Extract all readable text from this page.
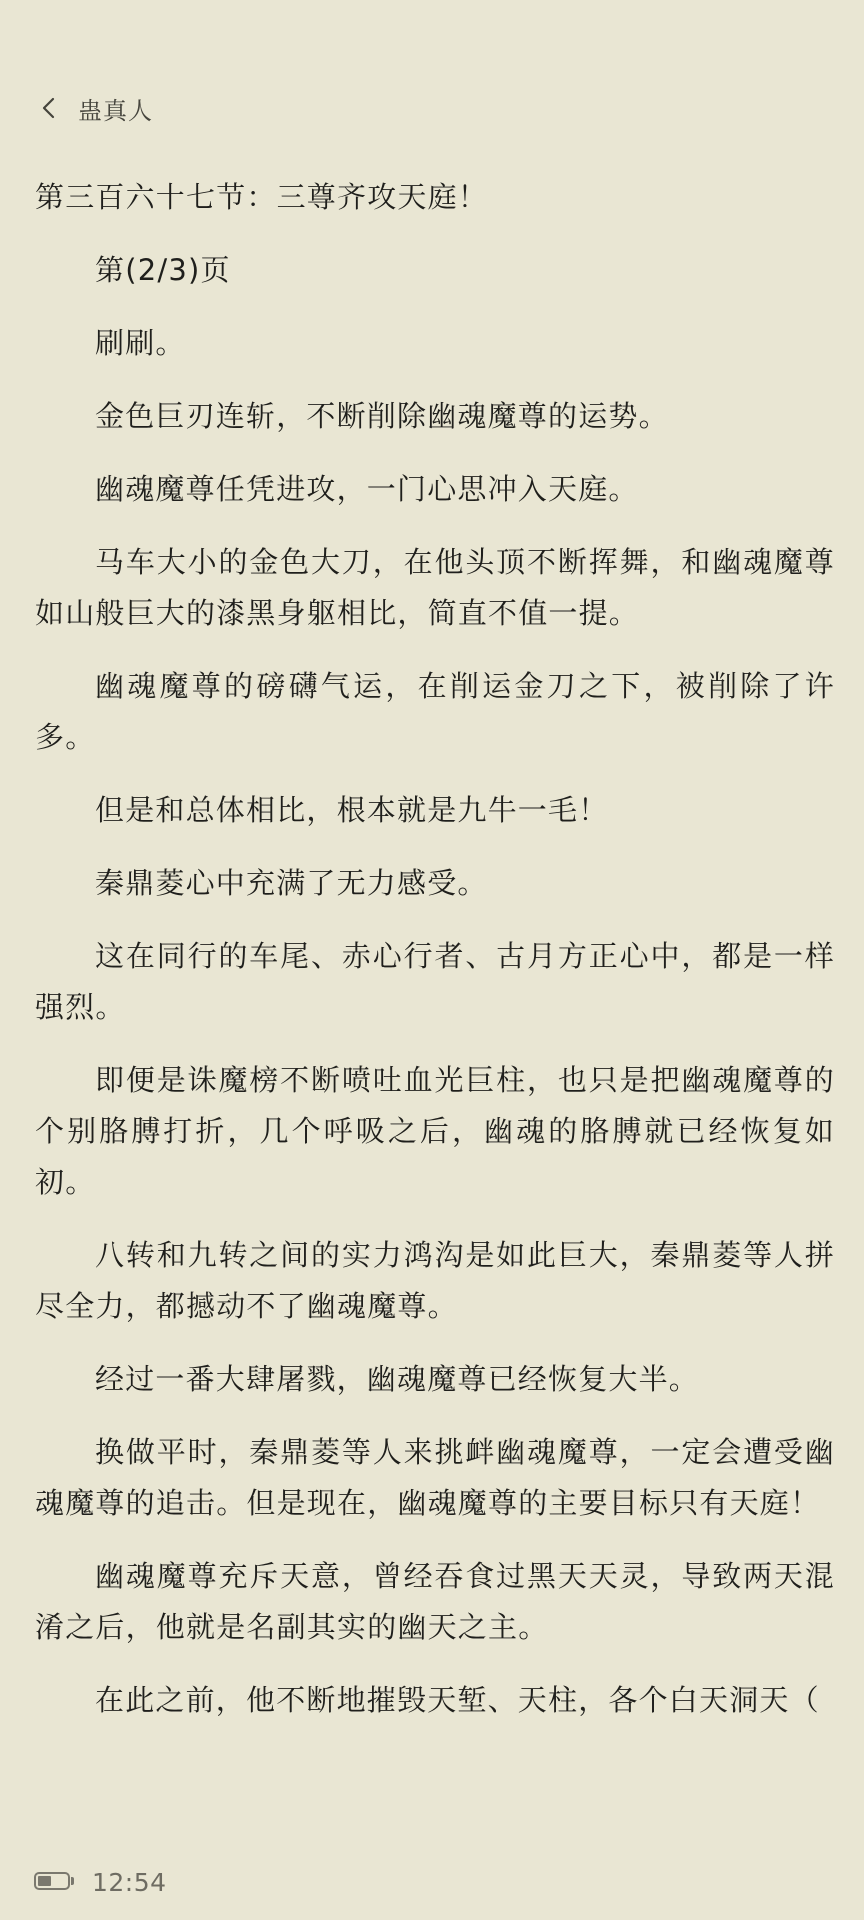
蛊真人
第三百六十七节：三尊齐攻天庭！

第(2/3)页

刷刷。

金色巨刃连斩，不断削除幽魂魔尊的运势。

幽魂魔尊任凭进攻，一门心思冲入天庭。

马车大小的金色大刀，在他头顶不断挥舞，和幽魂魔尊如山般巨大的漆黑身躯相比，简直不值一提。

幽魂魔尊的磅礴气运，在削运金刀之下，被削除了许多。

但是和总体相比，根本就是九牛一毛！

秦鼎菱心中充满了无力感受。

这在同行的车尾、赤心行者、古月方正心中，都是一样强烈。

即便是诛魔榜不断喷吐血光巨柱，也只是把幽魂魔尊的个别胳膊打折，几个呼吸之后，幽魂的胳膊就已经恢复如初。

八转和九转之间的实力鸿沟是如此巨大，秦鼎菱等人拼尽全力，都撼动不了幽魂魔尊。

经过一番大肆屠戮，幽魂魔尊已经恢复大半。

换做平时，秦鼎菱等人来挑衅幽魂魔尊，一定会遭受幽魂魔尊的追击。但是现在，幽魂魔尊的主要目标只有天庭！

幽魂魔尊充斥天意，曾经吞食过黑天天灵，导致两天混淆之后，他就是名副其实的幽天之主。

在此之前，他不断地摧毁天堑、天柱，各个白天洞天（

12:54
